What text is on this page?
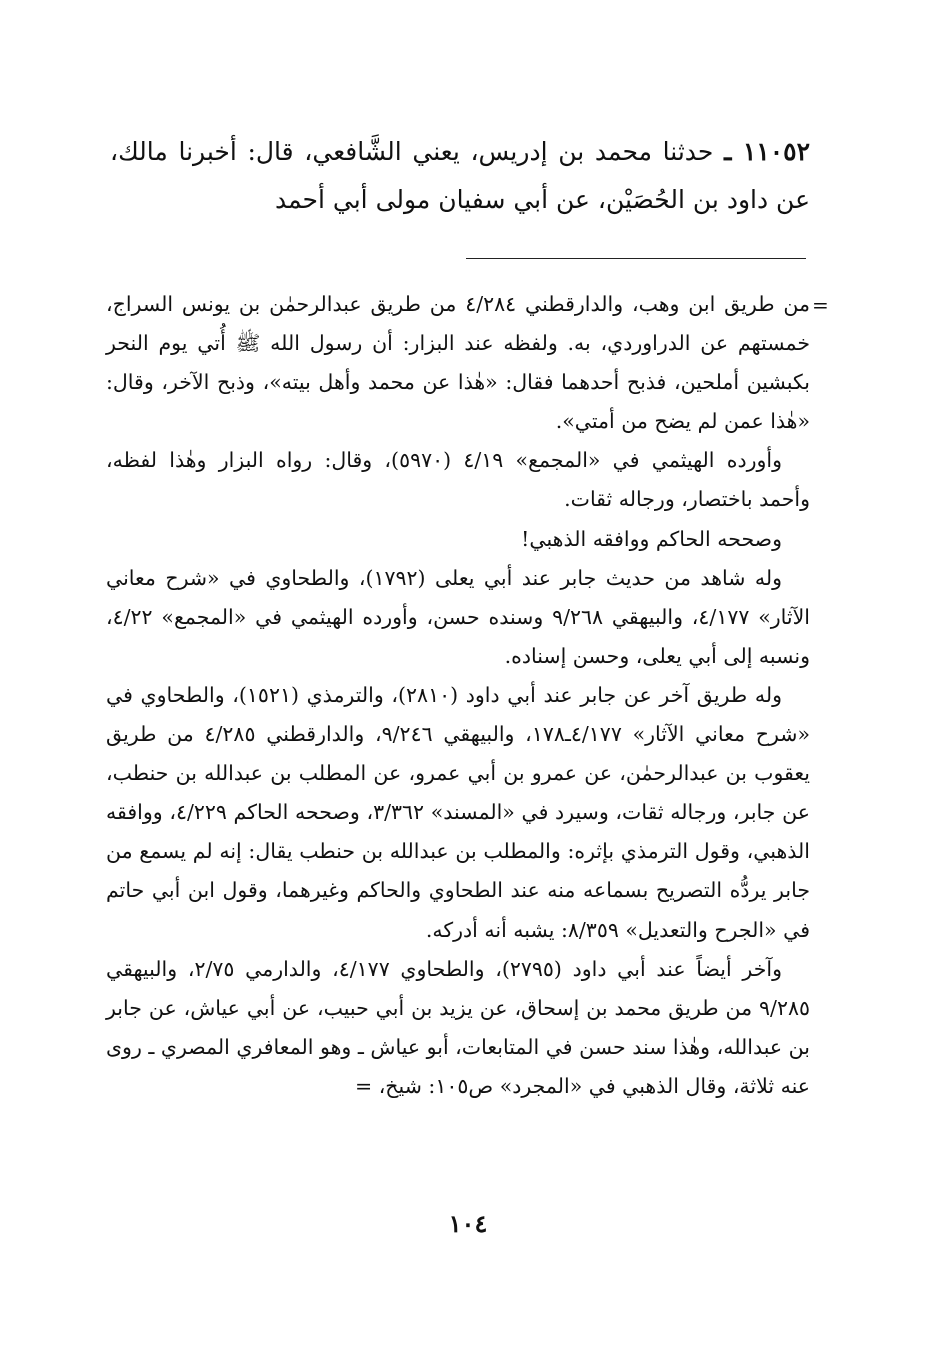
١١٠٥٢ ـ حدثنا محمد بن إدريس، يعني الشَّافعي، قال: أخبرنا مالك، عن داود بن الحُصَيْن، عن أبي سفيان مولى أبي أحمد

=

من طريق ابن وهب، والدارقطني ٤/٢٨٤ من طريق عبدالرحمٰن بن يونس السراج، خمستهم عن الدراوردي، به. ولفظه عند البزار: أن رسول الله ﷺ أُتي يوم النحر بكبشين أملحين، فذبح أحدهما فقال: «هٰذا عن محمد وأهل بيته»، وذبح الآخر، وقال: «هٰذا عمن لم يضح من أمتي».

وأورده الهيثمي في «المجمع» ٤/١٩ (٥٩٧٠)، وقال: رواه البزار وهٰذا لفظه، وأحمد باختصار، ورجاله ثقات.

وصححه الحاكم ووافقه الذهبي!

وله شاهد من حديث جابر عند أبي يعلى (١٧٩٢)، والطحاوي في «شرح معاني الآثار» ٤/١٧٧، والبيهقي ٩/٢٦٨ وسنده حسن، وأورده الهيثمي في «المجمع» ٤/٢٢، ونسبه إلى أبي يعلى، وحسن إسناده.

وله طريق آخر عن جابر عند أبي داود (٢٨١٠)، والترمذي (١٥٢١)، والطحاوي في «شرح معاني الآثار» ٤/١٧٧ـ١٧٨، والبيهقي ٩/٢٤٦، والدارقطني ٤/٢٨٥ من طريق يعقوب بن عبدالرحمٰن، عن عمرو بن أبي عمرو، عن المطلب بن عبدالله بن حنطب، عن جابر، ورجاله ثقات، وسيرد في «المسند» ٣/٣٦٢، وصححه الحاكم ٤/٢٢٩، ووافقه الذهبي، وقول الترمذي بإثره: والمطلب بن عبدالله بن حنطب يقال: إنه لم يسمع من جابر يردُّه التصريح بسماعه منه عند الطحاوي والحاكم وغيرهما، وقول ابن أبي حاتم في «الجرح والتعديل» ٨/٣٥٩: يشبه أنه أدركه.

وآخر أيضاً عند أبي داود (٢٧٩٥)، والطحاوي ٤/١٧٧، والدارمي ٢/٧٥، والبيهقي ٩/٢٨٥ من طريق محمد بن إسحاق، عن يزيد بن أبي حبيب، عن أبي عياش، عن جابر بن عبدالله، وهٰذا سند حسن في المتابعات، أبو عياش ـ وهو المعافري المصري ـ روى عنه ثلاثة، وقال الذهبي في «المجرد» ص١٠٥: شيخ، =

١٠٤
